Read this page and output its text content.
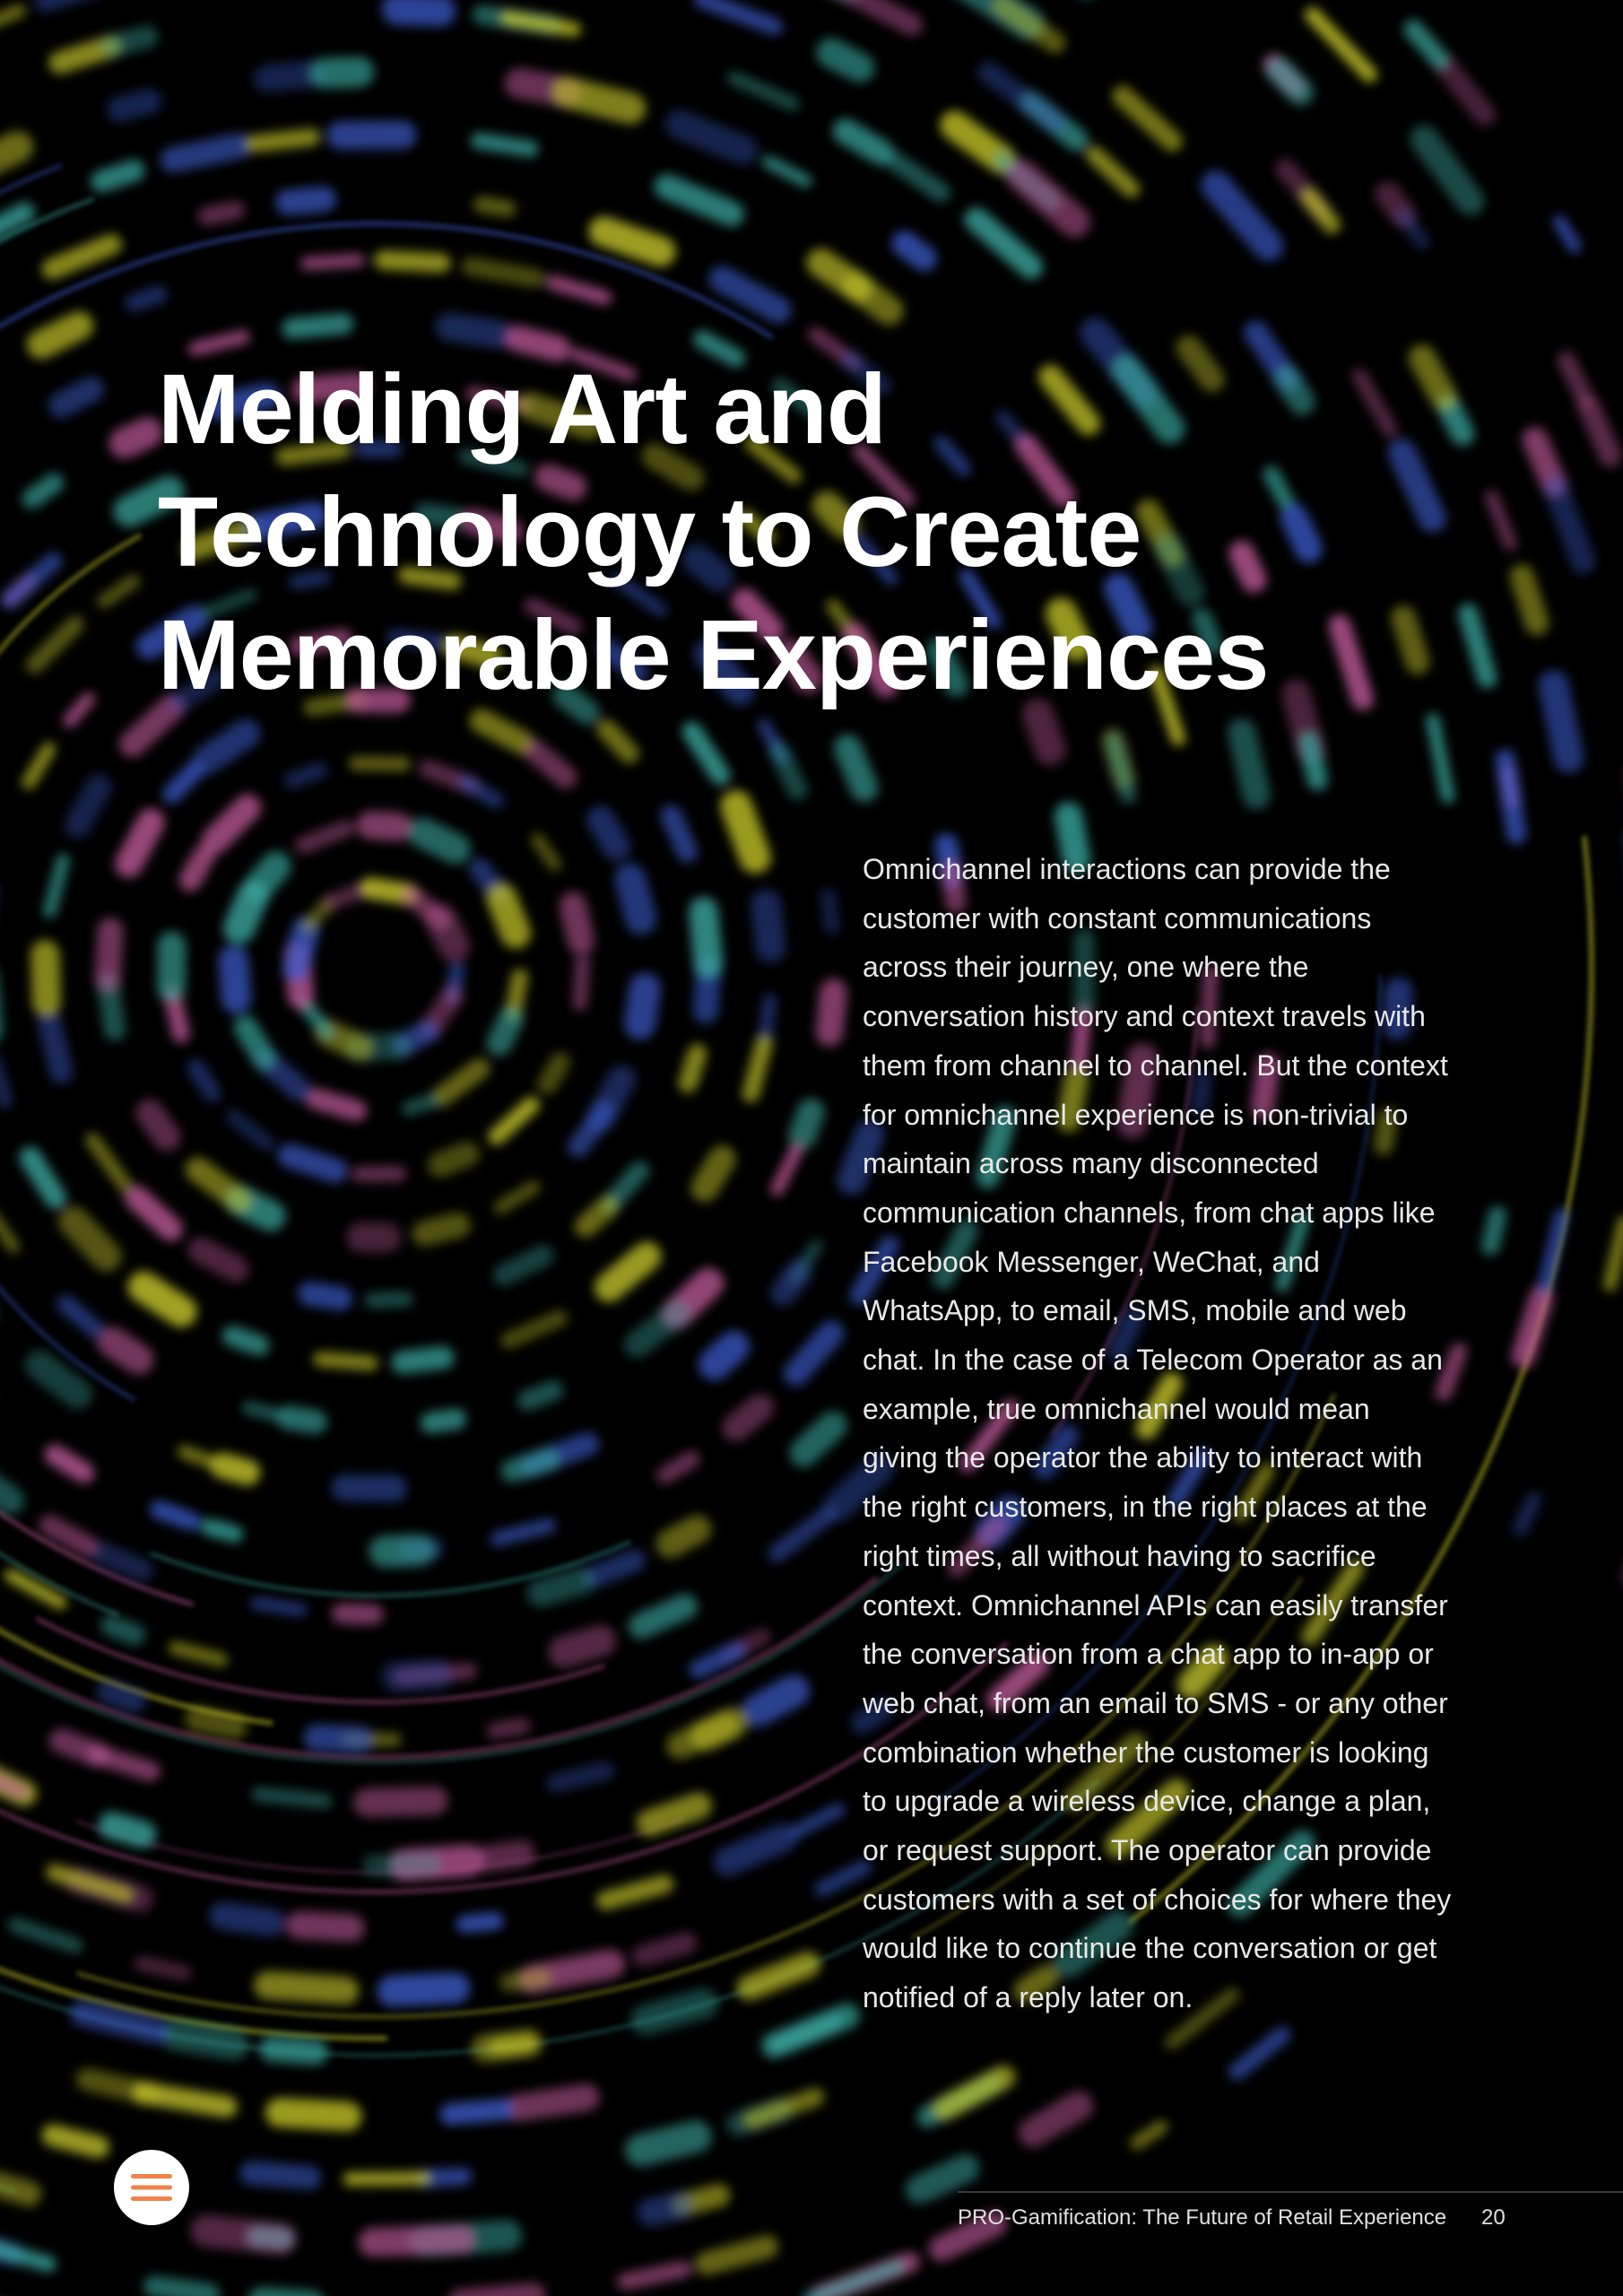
Melding Art and
Technology to Create
Memorable Experiences

Omnichannel interactions can provide the
customer with constant communications
across their journey, one where the
conversation history and context travels with
them from channel to channel. But the context
for omnichannel experience is non-trivial to
maintain across many disconnected
communication channels, from chat apps like
Facebook Messenger, WeChat, and
WhatsApp, to email, SMS, mobile and web
chat. In the case of a Telecom Operator as an
example, true omnichannel would mean
giving the operator the ability to interact with
the right customers, in the right places at the
right times, all without having to sacrifice
context. Omnichannel APIs can easily transfer
the conversation from a chat app to in-app or
web chat, from an email to SMS - or any other
combination whether the customer is looking
to upgrade a wireless device, change a plan,
or request support. The operator can provide
customers with a set of choices for where they
would like to continue the conversation or get
notified of a reply later on.

PRO-Gamification: The Future of Retail Experience 20
